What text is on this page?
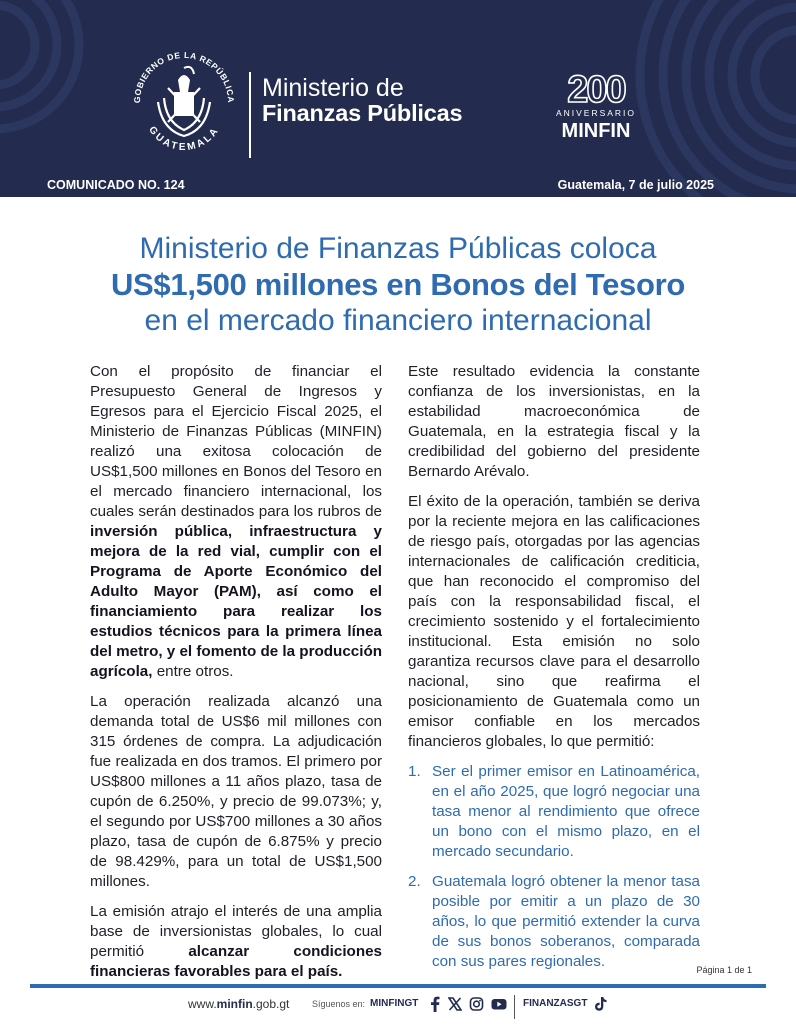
GOBIERNO DE LA REPÚBLICA
GUATEMALA
Ministerio de
Finanzas Públicas
200
ANIVERSARIO
MINFIN
COMUNICADO NO. 124	Guatemala, 7 de julio 2025
Ministerio de Finanzas Públicas coloca
US$1,500 millones en Bonos del Tesoro
en el mercado financiero internacional

Con el propósito de financiar el Presupuesto General de Ingresos y Egresos para el Ejercicio Fiscal 2025, el Ministerio de Finanzas Públicas (MINFIN) realizó una exitosa colocación de US$1,500 millones en Bonos del Tesoro en el mercado financiero internacional, los cuales serán destinados para los rubros de inversión pública, infraestructura y mejora de la red vial, cumplir con el Programa de Aporte Económico del Adulto Mayor (PAM), así como el financiamiento para realizar los estudios técnicos para la primera línea del metro, y el fomento de la producción agrícola, entre otros.

La operación realizada alcanzó una demanda total de US$6 mil millones con 315 órdenes de compra. La adjudicación fue realizada en dos tramos. El primero por US$800 millones a 11 años plazo, tasa de cupón de 6.250%, y precio de 99.073%; y, el segundo por US$700 millones a 30 años plazo, tasa de cupón de 6.875% y precio de 98.429%, para un total de US$1,500 millones.

La emisión atrajo el interés de una amplia base de inversionistas globales, lo cual permitió alcanzar condiciones financieras favorables para el país.

Este resultado evidencia la constante confianza de los inversionistas, en la estabilidad macroeconómica de Guatemala, en la estrategia fiscal y la credibilidad del gobierno del presidente Bernardo Arévalo.

El éxito de la operación, también se deriva por la reciente mejora en las calificaciones de riesgo país, otorgadas por las agencias internacionales de calificación crediticia, que han reconocido el compromiso del país con la responsabilidad fiscal, el crecimiento sostenido y el fortalecimiento institucional. Esta emisión no solo garantiza recursos clave para el desarrollo nacional, sino que reafirma el posicionamiento de Guatemala como un emisor confiable en los mercados financieros globales, lo que permitió:

1. Ser el primer emisor en Latinoamérica, en el año 2025, que logró negociar una tasa menor al rendimiento que ofrece un bono con el mismo plazo, en el mercado secundario.
2. Guatemala logró obtener la menor tasa posible por emitir a un plazo de 30 años, lo que permitió extender la curva de sus bonos soberanos, comparada con sus pares regionales.	Página 1 de 1
www.minfin.gob.gt	Síguenos en: MINFINGT	FINANZASGT
